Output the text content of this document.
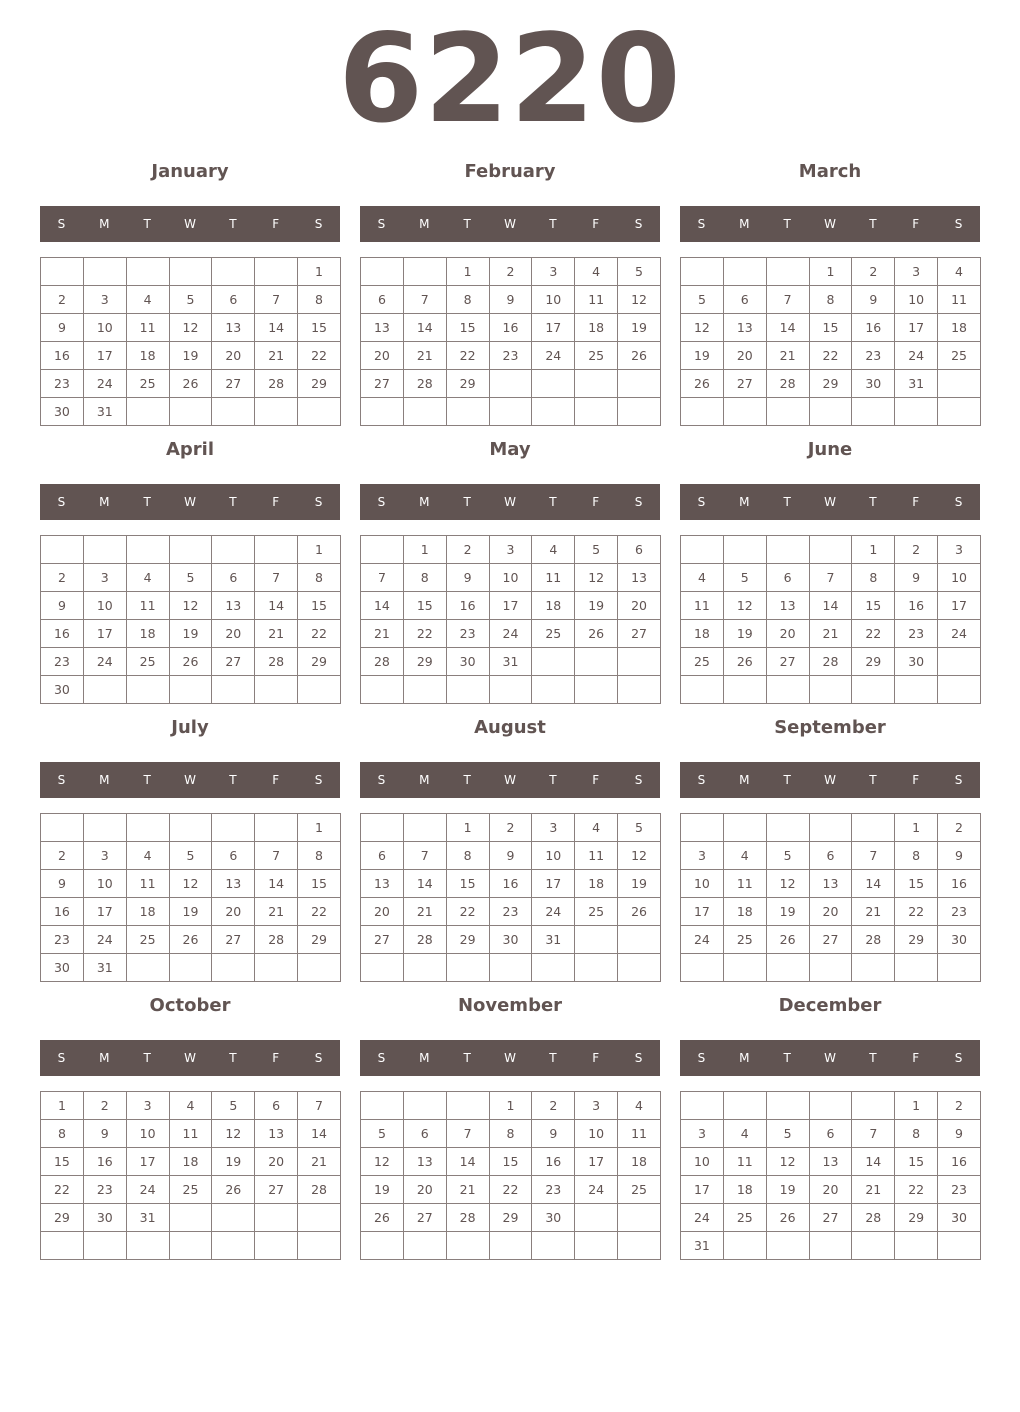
6220
January
S	M	T	W	T	F	S
						1
2	3	4	5	6	7	8
9	10	11	12	13	14	15
16	17	18	19	20	21	22
23	24	25	26	27	28	29
30	31					
February
S	M	T	W	T	F	S
		1	2	3	4	5
6	7	8	9	10	11	12
13	14	15	16	17	18	19
20	21	22	23	24	25	26
27	28	29				

March
S	M	T	W	T	F	S
			1	2	3	4
5	6	7	8	9	10	11
12	13	14	15	16	17	18
19	20	21	22	23	24	25
26	27	28	29	30	31	

April
S	M	T	W	T	F	S
						1
2	3	4	5	6	7	8
9	10	11	12	13	14	15
16	17	18	19	20	21	22
23	24	25	26	27	28	29
30						
May
S	M	T	W	T	F	S
	1	2	3	4	5	6
7	8	9	10	11	12	13
14	15	16	17	18	19	20
21	22	23	24	25	26	27
28	29	30	31			

June
S	M	T	W	T	F	S
				1	2	3
4	5	6	7	8	9	10
11	12	13	14	15	16	17
18	19	20	21	22	23	24
25	26	27	28	29	30	

July
S	M	T	W	T	F	S
						1
2	3	4	5	6	7	8
9	10	11	12	13	14	15
16	17	18	19	20	21	22
23	24	25	26	27	28	29
30	31					
August
S	M	T	W	T	F	S
		1	2	3	4	5
6	7	8	9	10	11	12
13	14	15	16	17	18	19
20	21	22	23	24	25	26
27	28	29	30	31		

September
S	M	T	W	T	F	S
					1	2
3	4	5	6	7	8	9
10	11	12	13	14	15	16
17	18	19	20	21	22	23
24	25	26	27	28	29	30

October
S	M	T	W	T	F	S
1	2	3	4	5	6	7
8	9	10	11	12	13	14
15	16	17	18	19	20	21
22	23	24	25	26	27	28
29	30	31				

November
S	M	T	W	T	F	S
			1	2	3	4
5	6	7	8	9	10	11
12	13	14	15	16	17	18
19	20	21	22	23	24	25
26	27	28	29	30		

December
S	M	T	W	T	F	S
					1	2
3	4	5	6	7	8	9
10	11	12	13	14	15	16
17	18	19	20	21	22	23
24	25	26	27	28	29	30
31						
